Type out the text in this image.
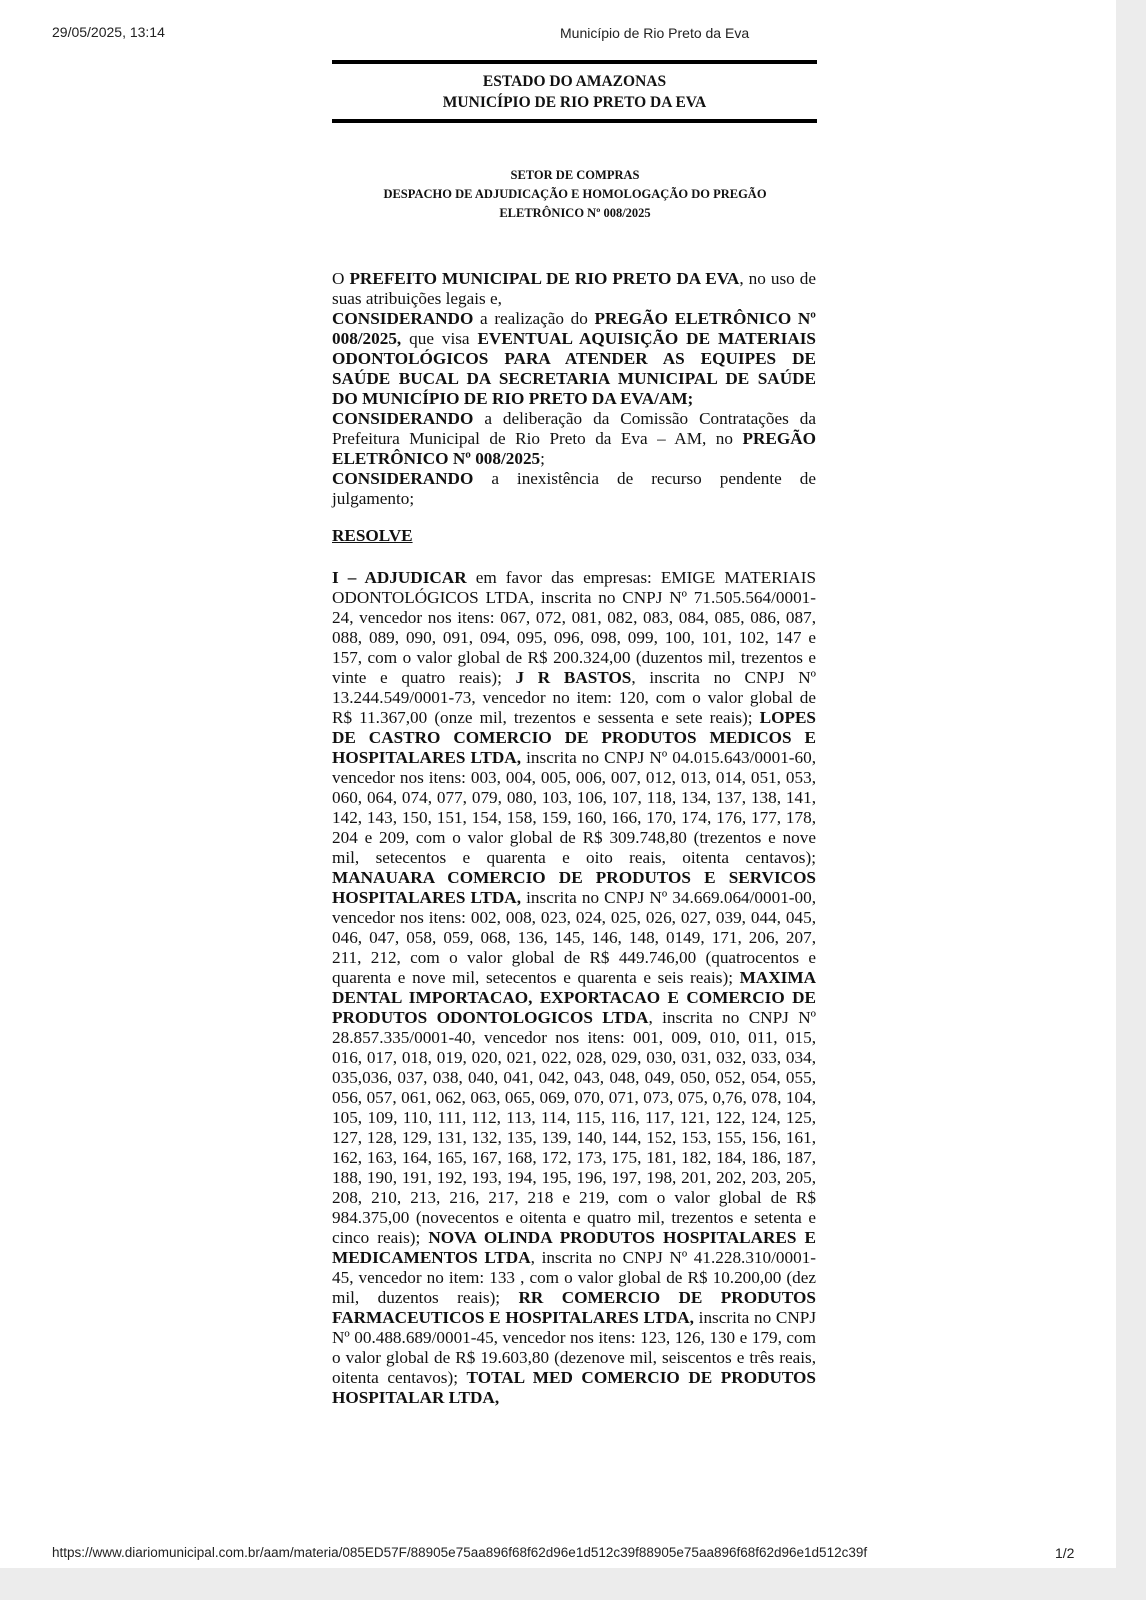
29/05/2025, 13:14	Município de Rio Preto da Eva
ESTADO DO AMAZONAS
MUNICÍPIO DE RIO PRETO DA EVA
SETOR DE COMPRAS
DESPACHO DE ADJUDICAÇÃO E HOMOLOGAÇÃO DO PREGÃO
ELETRÔNICO Nº 008/2025

O PREFEITO MUNICIPAL DE RIO PRETO DA EVA, no uso de suas atribuições legais e,

CONSIDERANDO a realização do PREGÃO ELETRÔNICO Nº 008/2025, que visa EVENTUAL AQUISIÇÃO DE MATERIAIS ODONTOLÓGICOS PARA ATENDER AS EQUIPES DE SAÚDE BUCAL DA SECRETARIA MUNICIPAL DE SAÚDE DO MUNICÍPIO DE RIO PRETO DA EVA/AM;

CONSIDERANDO a deliberação da Comissão Contratações da Prefeitura Municipal de Rio Preto da Eva – AM, no PREGÃO ELETRÔNICO Nº 008/2025;

CONSIDERANDO a inexistência de recurso pendente de julgamento;

RESOLVE

I – ADJUDICAR em favor das empresas: EMIGE MATERIAIS ODONTOLÓGICOS LTDA, inscrita no CNPJ Nº 71.505.564/0001-24, vencedor nos itens: 067, 072, 081, 082, 083, 084, 085, 086, 087, 088, 089, 090, 091, 094, 095, 096, 098, 099, 100, 101, 102, 147 e 157, com o valor global de R$ 200.324,00 (duzentos mil, trezentos e vinte e quatro reais); J R BASTOS, inscrita no CNPJ Nº 13.244.549/0001-73, vencedor no item: 120, com o valor global de R$ 11.367,00 (onze mil, trezentos e sessenta e sete reais); LOPES DE CASTRO COMERCIO DE PRODUTOS MEDICOS E HOSPITALARES LTDA, inscrita no CNPJ Nº 04.015.643/0001-60, vencedor nos itens: 003, 004, 005, 006, 007, 012, 013, 014, 051, 053, 060, 064, 074, 077, 079, 080, 103, 106, 107, 118, 134, 137, 138, 141, 142, 143, 150, 151, 154, 158, 159, 160, 166, 170, 174, 176, 177, 178, 204 e 209, com o valor global de R$ 309.748,80 (trezentos e nove mil, setecentos e quarenta e oito reais, oitenta centavos); MANAUARA COMERCIO DE PRODUTOS E SERVICOS HOSPITALARES LTDA, inscrita no CNPJ Nº 34.669.064/0001-00, vencedor nos itens: 002, 008, 023, 024, 025, 026, 027, 039, 044, 045, 046, 047, 058, 059, 068, 136, 145, 146, 148, 0149, 171, 206, 207, 211, 212, com o valor global de R$ 449.746,00 (quatrocentos e quarenta e nove mil, setecentos e quarenta e seis reais); MAXIMA DENTAL IMPORTACAO, EXPORTACAO E COMERCIO DE PRODUTOS ODONTOLOGICOS LTDA, inscrita no CNPJ Nº 28.857.335/0001-40, vencedor nos itens: 001, 009, 010, 011, 015, 016, 017, 018, 019, 020, 021, 022, 028, 029, 030, 031, 032, 033, 034, 035,036, 037, 038, 040, 041, 042, 043, 048, 049, 050, 052, 054, 055, 056, 057, 061, 062, 063, 065, 069, 070, 071, 073, 075, 0,76, 078, 104, 105, 109, 110, 111, 112, 113, 114, 115, 116, 117, 121, 122, 124, 125, 127, 128, 129, 131, 132, 135, 139, 140, 144, 152, 153, 155, 156, 161, 162, 163, 164, 165, 167, 168, 172, 173, 175, 181, 182, 184, 186, 187, 188, 190, 191, 192, 193, 194, 195, 196, 197, 198, 201, 202, 203, 205, 208, 210, 213, 216, 217, 218 e 219, com o valor global de R$ 984.375,00 (novecentos e oitenta e quatro mil, trezentos e setenta e cinco reais); NOVA OLINDA PRODUTOS HOSPITALARES E MEDICAMENTOS LTDA, inscrita no CNPJ Nº 41.228.310/0001- 45, vencedor no item: 133 , com o valor global de R$ 10.200,00 (dez mil, duzentos reais); RR COMERCIO DE PRODUTOS FARMACEUTICOS E HOSPITALARES LTDA, inscrita no CNPJ Nº 00.488.689/0001-45, vencedor nos itens: 123, 126, 130 e 179, com o valor global de R$ 19.603,80 (dezenove mil, seiscentos e três reais, oitenta centavos); TOTAL MED COMERCIO DE PRODUTOS HOSPITALAR LTDA,

https://www.diariomunicipal.com.br/aam/materia/085ED57F/88905e75aa896f68f62d96e1d512c39f88905e75aa896f68f62d96e1d512c39f	1/2
